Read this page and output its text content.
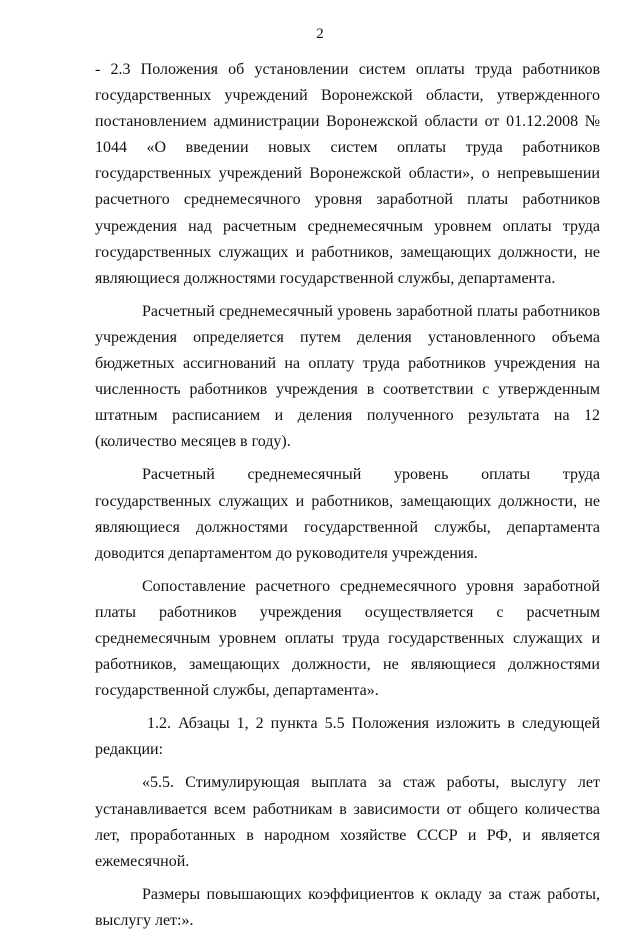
2

- 2.3 Положения об установлении систем оплаты труда работников государственных учреждений Воронежской области, утвержденного постановлением администрации Воронежской области от 01.12.2008 № 1044 «О введении новых систем оплаты труда работников государственных учреждений Воронежской области», о непревышении расчетного среднемесячного уровня заработной платы работников учреждения над расчетным среднемесячным уровнем оплаты труда государственных служащих и работников, замещающих должности, не являющиеся должностями государственной службы, департамента.

Расчетный среднемесячный уровень заработной платы работников учреждения определяется путем деления установленного объема бюджетных ассигнований на оплату труда работников учреждения на численность работников учреждения в соответствии с утвержденным штатным расписанием и деления полученного результата на 12 (количество месяцев в году).

Расчетный среднемесячный уровень оплаты труда государственных служащих и работников, замещающих должности, не являющиеся должностями государственной службы, департамента доводится департаментом до руководителя учреждения.

Сопоставление расчетного среднемесячного уровня заработной платы работников учреждения осуществляется с расчетным среднемесячным уровнем оплаты труда государственных служащих и работников, замещающих должности, не являющиеся должностями государственной службы, департамента».

1.2. Абзацы 1, 2 пункта 5.5 Положения изложить в следующей редакции:

«5.5. Стимулирующая выплата за стаж работы, выслугу лет устанавливается всем работникам в зависимости от общего количества лет, проработанных в народном хозяйстве СССР и РФ, и является ежемесячной.

Размеры повышающих коэффициентов к окладу за стаж работы, выслугу лет:».
